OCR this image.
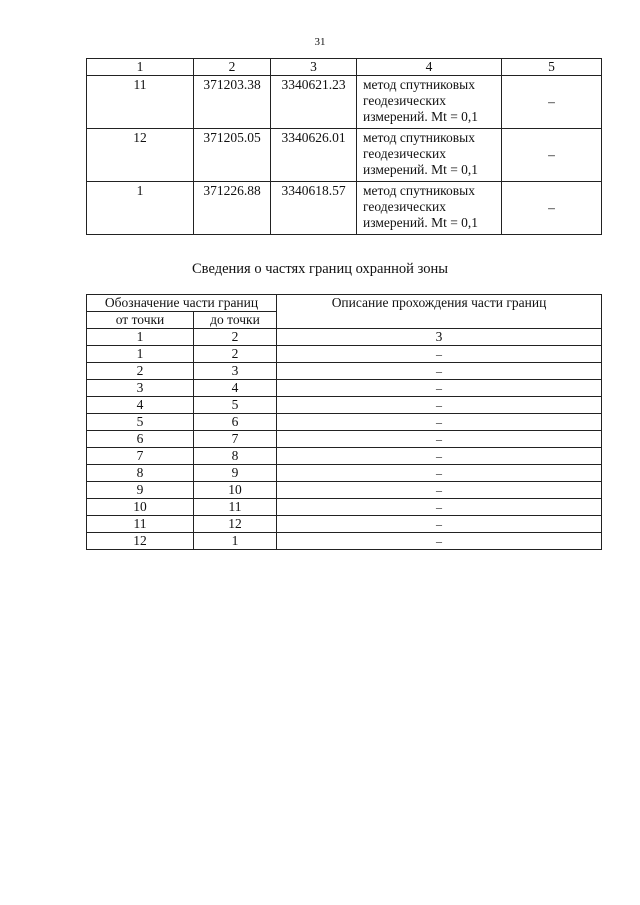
31
1	2	3	4	5
11	371203.38	3340621.23	метод спутниковых
геодезических
измерений. Mt = 0,1	–
12	371205.05	3340626.01	метод спутниковых
геодезических
измерений. Mt = 0,1	–
1	371226.88	3340618.57	метод спутниковых
геодезических
измерений. Mt = 0,1	–
Сведения о частях границ охранной зоны
Обозначение части границ		Описание прохождения части границ
от точки	до точки	
1	2	3
1	2	–
2	3	–
3	4	–
4	5	–
5	6	–
6	7	–
7	8	–
8	9	–
9	10	–
10	11	–
11	12	–
12	1	–
